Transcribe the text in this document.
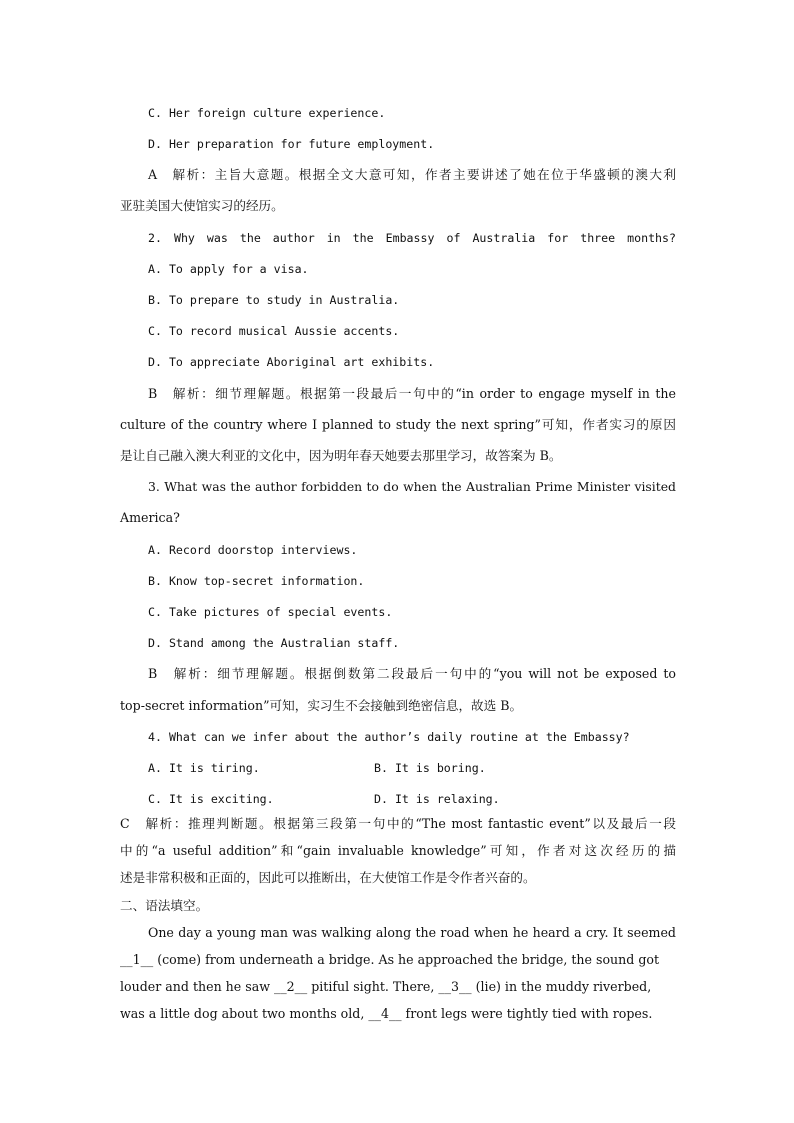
C. Her foreign culture experience.
D. Her preparation for future employment.
A　解析：主旨大意题。根据全文大意可知，作者主要讲述了她在位于华盛顿的澳大利
亚驻美国大使馆实习的经历。
2. Why was the author in the Embassy of Australia for three months?
A. To apply for a visa.
B. To prepare to study in Australia.
C. To record musical Aussie accents.
D. To appreciate Aboriginal art exhibits.
B　解析：细节理解题。根据第一段最后一句中的“in order to engage myself in the
culture of the country where I planned to study the next spring”可知，作者实习的原因
是让自己融入澳大利亚的文化中，因为明年春天她要去那里学习，故答案为 B。
3. What was the author forbidden to do when the Australian Prime Minister visited
America?
A. Record doorstop interviews.
B. Know top-secret information.
C. Take pictures of special events.
D. Stand among the Australian staff.
B　解析：细节理解题。根据倒数第二段最后一句中的“you will not be exposed to
top-secret information”可知，实习生不会接触到绝密信息，故选 B。
4. What can we infer about the author’s daily routine at the Embassy?
A. It is tiring.	B. It is boring.
C. It is exciting.	D. It is relaxing.
C　解析：推理判断题。根据第三段第一句中的“The most fantastic event”以及最后一段
中的“a useful addition”和“gain invaluable knowledge”可知，作者对这次经历的描
述是非常积极和正面的，因此可以推断出，在大使馆工作是令作者兴奋的。
二、语法填空。
One day a young man was walking along the road when he heard a cry. It seemed
__1__ (come) from underneath a bridge. As he approached the bridge, the sound got
louder and then he saw __2__ pitiful sight. There, __3__ (lie) in the muddy riverbed,
was a little dog about two months old, __4__ front legs were tightly tied with ropes.
